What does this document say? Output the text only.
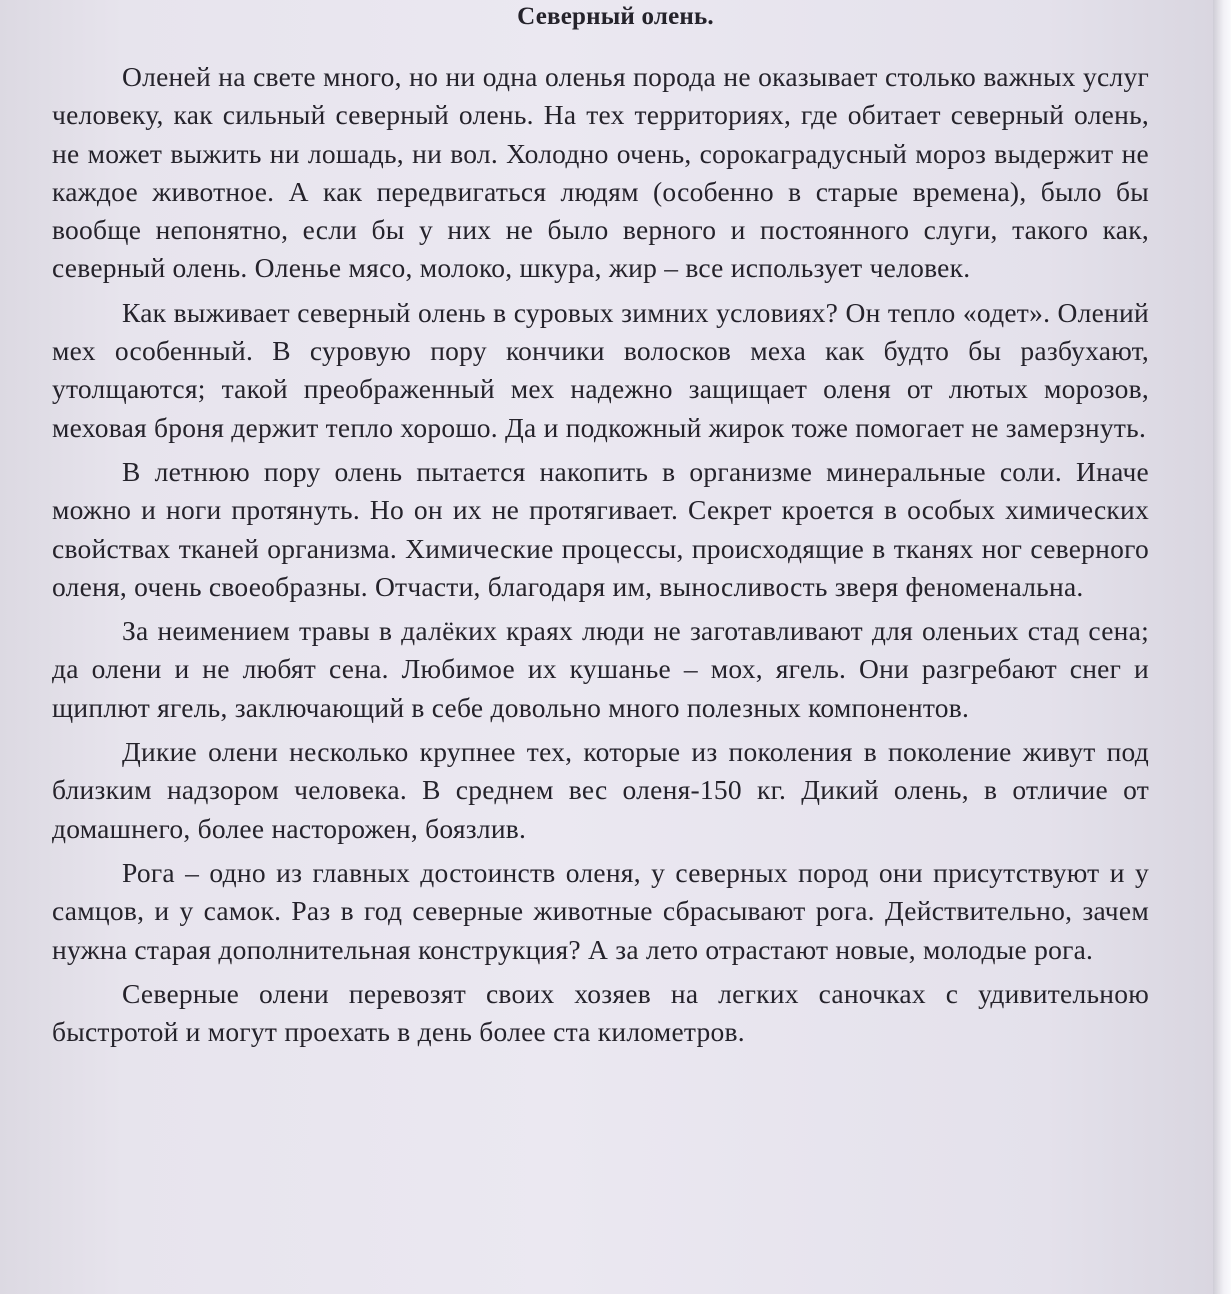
Северный олень.

Оленей на свете много, но ни одна оленья порода не оказывает столько важных услуг человеку, как сильный северный олень. На тех территориях, где обитает северный олень, не может выжить ни лошадь, ни вол. Холодно очень, сорокаградусный мороз выдержит не каждое животное. А как передвигаться людям (особенно в старые времена), было бы вообще непонятно, если бы у них не было верного и постоянного слуги, такого как, северный олень. Оленье мясо, молоко, шкура, жир – все использует человек.

Как выживает северный олень в суровых зимних условиях? Он тепло «одет». Олений мех особенный. В суровую пору кончики волосков меха как будто бы разбухают, утолщаются; такой преображенный мех надежно защищает оленя от лютых морозов, меховая броня держит тепло хорошо. Да и подкожный жирок тоже помогает не замерзнуть.

В летнюю пору олень пытается накопить в организме минеральные соли. Иначе можно и ноги протянуть. Но он их не протягивает. Секрет кроется в особых химических свойствах тканей организма. Химические процессы, происходящие в тканях ног северного оленя, очень своеобразны. Отчасти, благодаря им, выносливость зверя феноменальна.

За неимением травы в далёких краях люди не заготавливают для оленьих стад сена; да олени и не любят сена. Любимое их кушанье – мох, ягель. Они разгребают снег и щиплют ягель, заключающий в себе довольно много полезных компонентов.

Дикие олени несколько крупнее тех, которые из поколения в поколение живут под близким надзором человека. В среднем вес оленя-150 кг. Дикий олень, в отличие от домашнего, более насторожен, боязлив.

Рога – одно из главных достоинств оленя, у северных пород они присутствуют и у самцов, и у самок. Раз в год северные животные сбрасывают рога. Действительно, зачем нужна старая дополнительная конструкция? А за лето отрастают новые, молодые рога.

Северные олени перевозят своих хозяев на легких саночках с удивительною быстротой и могут проехать в день более ста километров.
